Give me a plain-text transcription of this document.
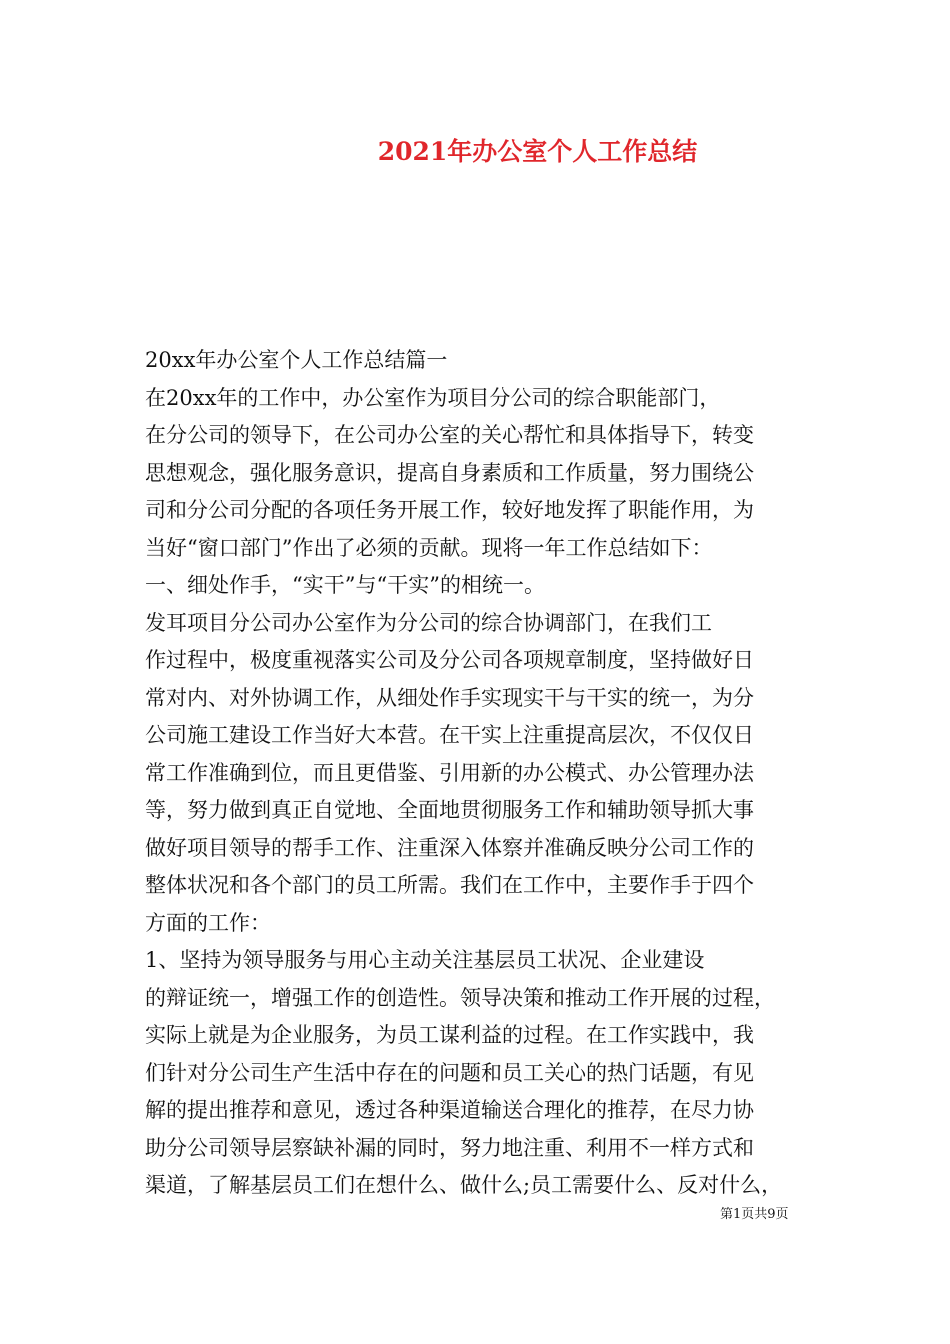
2021年办公室个人工作总结

20xx年办公室个人工作总结篇一

在20xx年的工作中，办公室作为项目分公司的综合职能部门，

在分公司的领导下，在公司办公室的关心帮忙和具体指导下，转变

思想观念，强化服务意识，提高自身素质和工作质量，努力围绕公

司和分公司分配的各项任务开展工作，较好地发挥了职能作用，为

当好“窗口部门”作出了必须的贡献。现将一年工作总结如下：

一、细处作手，“实干”与“干实”的相统一。

发耳项目分公司办公室作为分公司的综合协调部门，在我们工

作过程中，极度重视落实公司及分公司各项规章制度，坚持做好日

常对内、对外协调工作，从细处作手实现实干与干实的统一，为分

公司施工建设工作当好大本营。在干实上注重提高层次，不仅仅日

常工作准确到位，而且更借鉴、引用新的办公模式、办公管理办法

等，努力做到真正自觉地、全面地贯彻服务工作和辅助领导抓大事

做好项目领导的帮手工作、注重深入体察并准确反映分公司工作的

整体状况和各个部门的员工所需。我们在工作中，主要作手于四个

方面的工作：

1、坚持为领导服务与用心主动关注基层员工状况、企业建设

的辩证统一，增强工作的创造性。领导决策和推动工作开展的过程，

实际上就是为企业服务，为员工谋利益的过程。在工作实践中，我

们针对分公司生产生活中存在的问题和员工关心的热门话题，有见

解的提出推荐和意见，透过各种渠道输送合理化的推荐，在尽力协

助分公司领导层察缺补漏的同时，努力地注重、利用不一样方式和

渠道，了解基层员工们在想什么、做什么;员工需要什么、反对什么，

第1页共9页
